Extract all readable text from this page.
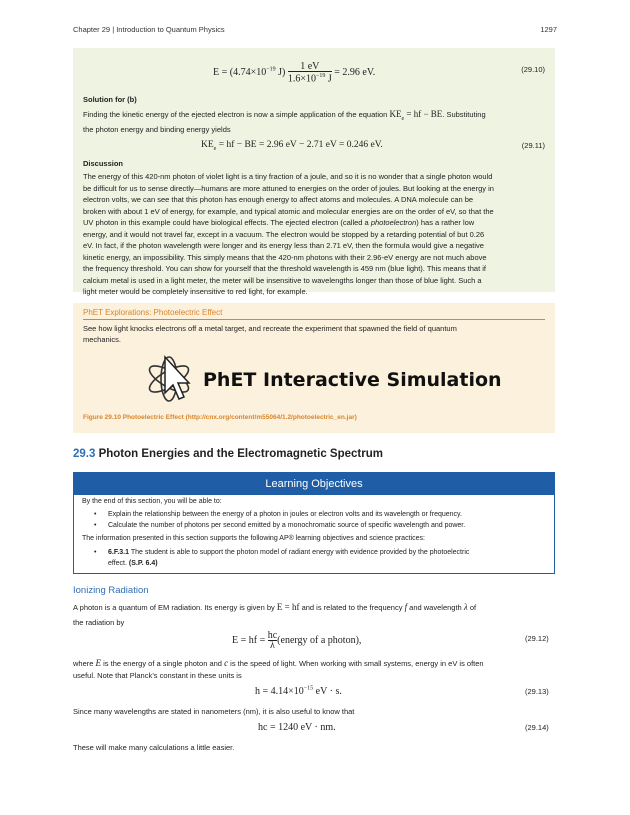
Chapter 29 | Introduction to Quantum Physics	1297
$E = (4.74\times 10^{-19}$ $J) \frac{1 eV}{1.6\times 10^{-19} J} = 2.96$ eV.	(29.10)
Solution for (b)
Finding the kinetic energy of the ejected electron is now a simple application of the equation $KE_e$ = hf − BE. Substituting
the photon energy and binding energy yields
$KE_e$ = hf − BE = 2.96 eV − 2.71 eV = 0.246 eV.	(29.11)
Discussion
The energy of this 420-nm photon of violet light is a tiny fraction of a joule, and so it is no wonder that a single photon would
be difficult for us to sense directly—humans are more attuned to energies on the order of joules. But looking at the energy in
electron volts, we can see that this photon has enough energy to affect atoms and molecules. A DNA molecule can be
broken with about 1 eV of energy, for example, and typical atomic and molecular energies are on the order of eV, so that the
UV photon in this example could have biological effects. The ejected electron (called a photoelectron) has a rather low
energy, and it would not travel far, except in a vacuum. The electron would be stopped by a retarding potential of but 0.26
eV. In fact, if the photon wavelength were longer and its energy less than 2.71 eV, then the formula would give a negative
kinetic energy, an impossibility. This simply means that the 420-nm photons with their 2.96-eV energy are not much above
the frequency threshold. You can show for yourself that the threshold wavelength is 459 nm (blue light). This means that if
calcium metal is used in a light meter, the meter will be insensitive to wavelengths longer than those of blue light. Such a
light meter would be completely insensitive to red light, for example.
PhET Explorations: Photoelectric Effect
See how light knocks electrons off a metal target, and recreate the experiment that spawned the field of quantum
mechanics.
PhET Interactive Simulation
Figure 29.10 Photoelectric Effect (http://cnx.org/content/m55064/1.2/photoelectric_en.jar)
29.3 Photon Energies and the Electromagnetic Spectrum
Learning Objectives
By the end of this section, you will be able to:
• Explain the relationship between the energy of a photon in joules or electron volts and its wavelength or frequency.
• Calculate the number of photons per second emitted by a monochromatic source of specific wavelength and power.
The information presented in this section supports the following AP® learning objectives and science practices:
• 6.F.3.1 The student is able to support the photon model of radiant energy with evidence provided by the photoelectric
effect. (S.P. 6.4)
Ionizing Radiation
A photon is a quantum of EM radiation. Its energy is given by E = hf and is related to the frequency f and wavelength λ of
the radiation by
E = hf = $\frac{hc}{\lambda}$ (energy of a photon),	(29.12)
where E is the energy of a single photon and c is the speed of light. When working with small systems, energy in eV is often
useful. Note that Planck’s constant in these units is
$h = 4.14\times 10^{-15}$ eV · s.	(29.13)
Since many wavelengths are stated in nanometers (nm), it is also useful to know that
hc = 1240 eV · nm.	(29.14)
These will make many calculations a little easier.
